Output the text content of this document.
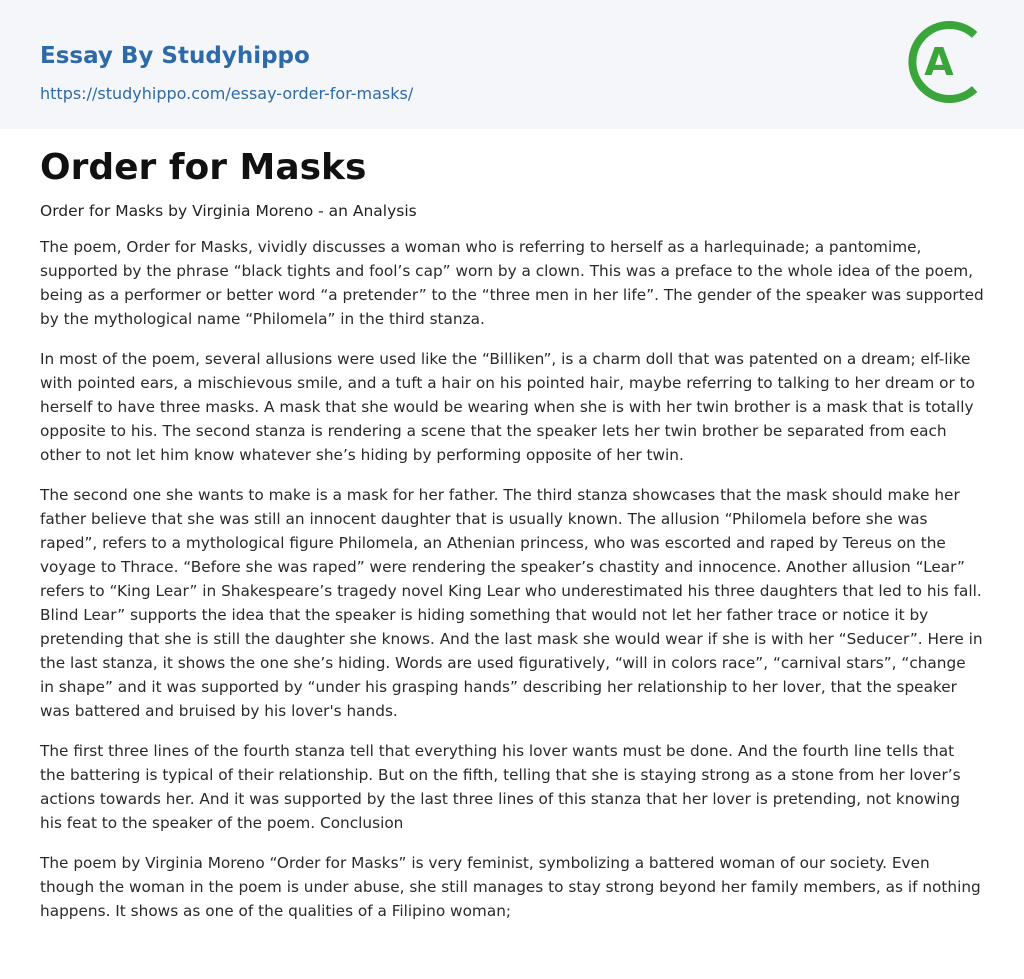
Essay By Studyhippo
https://studyhippo.com/essay-order-for-masks/
A
Order for Masks
Order for Masks by Virginia Moreno - an Analysis

The poem, Order for Masks, vividly discusses a woman who is referring to herself as a harlequinade; a pantomime, supported by the phrase “black tights and fool’s cap” worn by a clown. This was a preface to the whole idea of the poem, being as a performer or better word “a pretender” to the “three men in her life”. The gender of the speaker was supported by the mythological name “Philomela” in the third stanza.

In most of the poem, several allusions were used like the “Billiken”, is a charm doll that was patented on a dream; elf-like with pointed ears, a mischievous smile, and a tuft a hair on his pointed hair, maybe referring to talking to her dream or to herself to have three masks. A mask that she would be wearing when she is with her twin brother is a mask that is totally opposite to his. The second stanza is rendering a scene that the speaker lets her twin brother be separated from each other to not let him know whatever she’s hiding by performing opposite of her twin.

The second one she wants to make is a mask for her father. The third stanza showcases that the mask should make her father believe that she was still an innocent daughter that is usually known. The allusion “Philomela before she was raped”, refers to a mythological figure Philomela, an Athenian princess, who was escorted and raped by Tereus on the voyage to Thrace. “Before she was raped” were rendering the speaker’s chastity and innocence. Another allusion “Lear” refers to “King Lear” in Shakespeare’s tragedy novel King Lear who underestimated his three daughters that led to his fall. Blind Lear” supports the idea that the speaker is hiding something that would not let her father trace or notice it by pretending that she is still the daughter she knows. And the last mask she would wear if she is with her “Seducer”. Here in the last stanza, it shows the one she’s hiding. Words are used figuratively, “will in colors race”, “carnival stars”, “change in shape” and it was supported by “under his grasping hands” describing her relationship to her lover, that the speaker was battered and bruised by his lover's hands.

The first three lines of the fourth stanza tell that everything his lover wants must be done. And the fourth line tells that the battering is typical of their relationship. But on the fifth, telling that she is staying strong as a stone from her lover’s actions towards her. And it was supported by the last three lines of this stanza that her lover is pretending, not knowing his feat to the speaker of the poem. Conclusion

The poem by Virginia Moreno “Order for Masks” is very feminist, symbolizing a battered woman of our society. Even though the woman in the poem is under abuse, she still manages to stay strong beyond her family members, as if nothing happens. It shows as one of the qualities of a Filipino woman;
